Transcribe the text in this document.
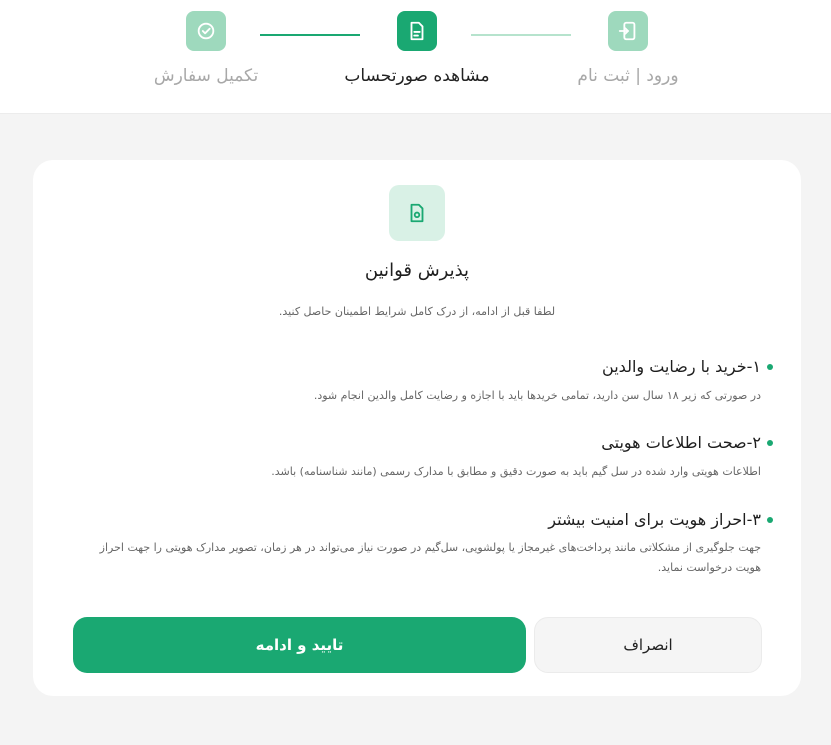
ورود | ثبت نام
مشاهده صورتحساب
تکمیل سفارش
پذیرش قوانین
لطفا قبل از ادامه، از درک کامل شرایط اطمینان حاصل کنید.
۱-خرید با رضایت والدین
در صورتی که زیر ۱۸ سال سن دارید، تمامی خریدها باید با اجازه و رضایت کامل والدین انجام شود.
۲-صحت اطلاعات هویتی
اطلاعات هویتی وارد شده در سل گیم باید به صورت دقیق و مطابق با مدارک رسمی (مانند شناسنامه) باشد.
۳-احراز هویت برای امنیت بیشتر
جهت جلوگیری از مشکلاتی مانند پرداخت‌های غیرمجاز یا پولشویی، سل‌گیم در صورت نیاز می‌تواند در هر زمان، تصویر مدارک هویتی را جهت احراز هویت درخواست نماید.
انصراف
تایید و ادامه
